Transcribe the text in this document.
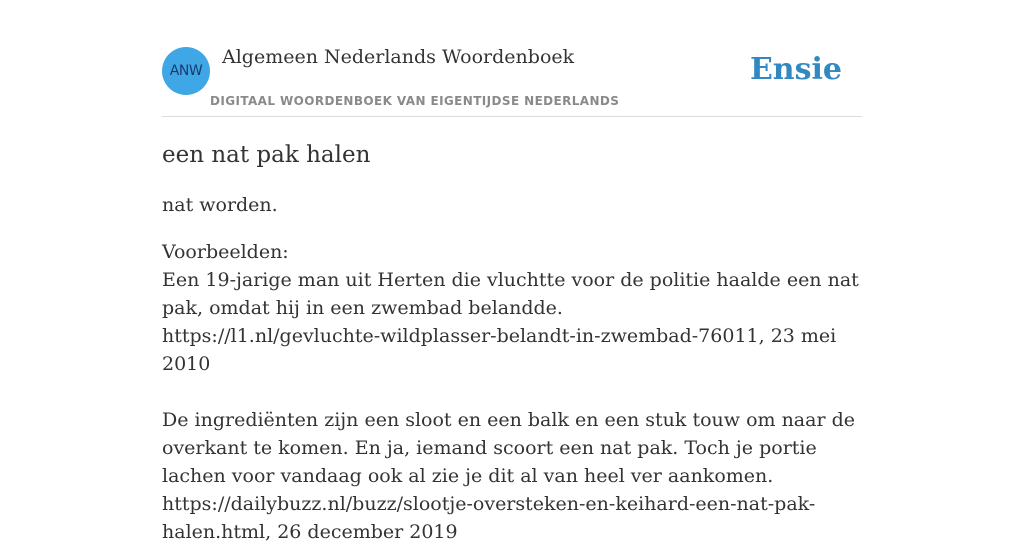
ANW
Algemeen Nederlands Woordenboek
DIGITAAL WOORDENBOEK VAN EIGENTIJDSE NEDERLANDS
Ensie
een nat pak halen

nat worden.

Voorbeelden:
Een 19-jarige man uit Herten die vluchtte voor de politie haalde een nat pak, omdat hij in een zwembad belandde.
https://l1.nl/gevluchte-wildplasser-belandt-in-zwembad-76011, 23 mei 2010
De ingrediënten zijn een sloot en een balk en een stuk touw om naar de overkant te komen. En ja, iemand scoort een nat pak. Toch je portie lachen voor vandaag ook al zie je dit al van heel ver aankomen.
https://dailybuzz.nl/buzz/slootje-oversteken-en-keihard-een-nat-pak-halen.html, 26 december 2019
